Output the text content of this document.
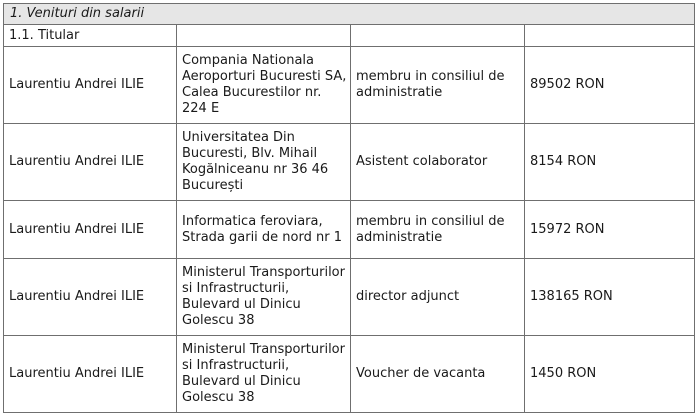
1. Venituri din salarii			
1.1. Titular			
Laurentiu Andrei ILIE	Compania Nationala Aeroporturi Bucuresti SA, Calea Bucurestilor nr. 224 E	membru in consiliul de administratie	89502 RON
Laurentiu Andrei ILIE	Universitatea Din Bucuresti, Blv. Mihail Kogălniceanu nr 36 46 București	Asistent colaborator	8154 RON
Laurentiu Andrei ILIE	Informatica feroviara, Strada garii de nord nr 1	membru in consiliul de administratie	15972 RON
Laurentiu Andrei ILIE	Ministerul Transporturilor si Infrastructurii, Bulevard ul Dinicu Golescu 38	director adjunct	138165 RON
Laurentiu Andrei ILIE	Ministerul Transporturilor si Infrastructurii, Bulevard ul Dinicu Golescu 38	Voucher de vacanta	1450 RON
